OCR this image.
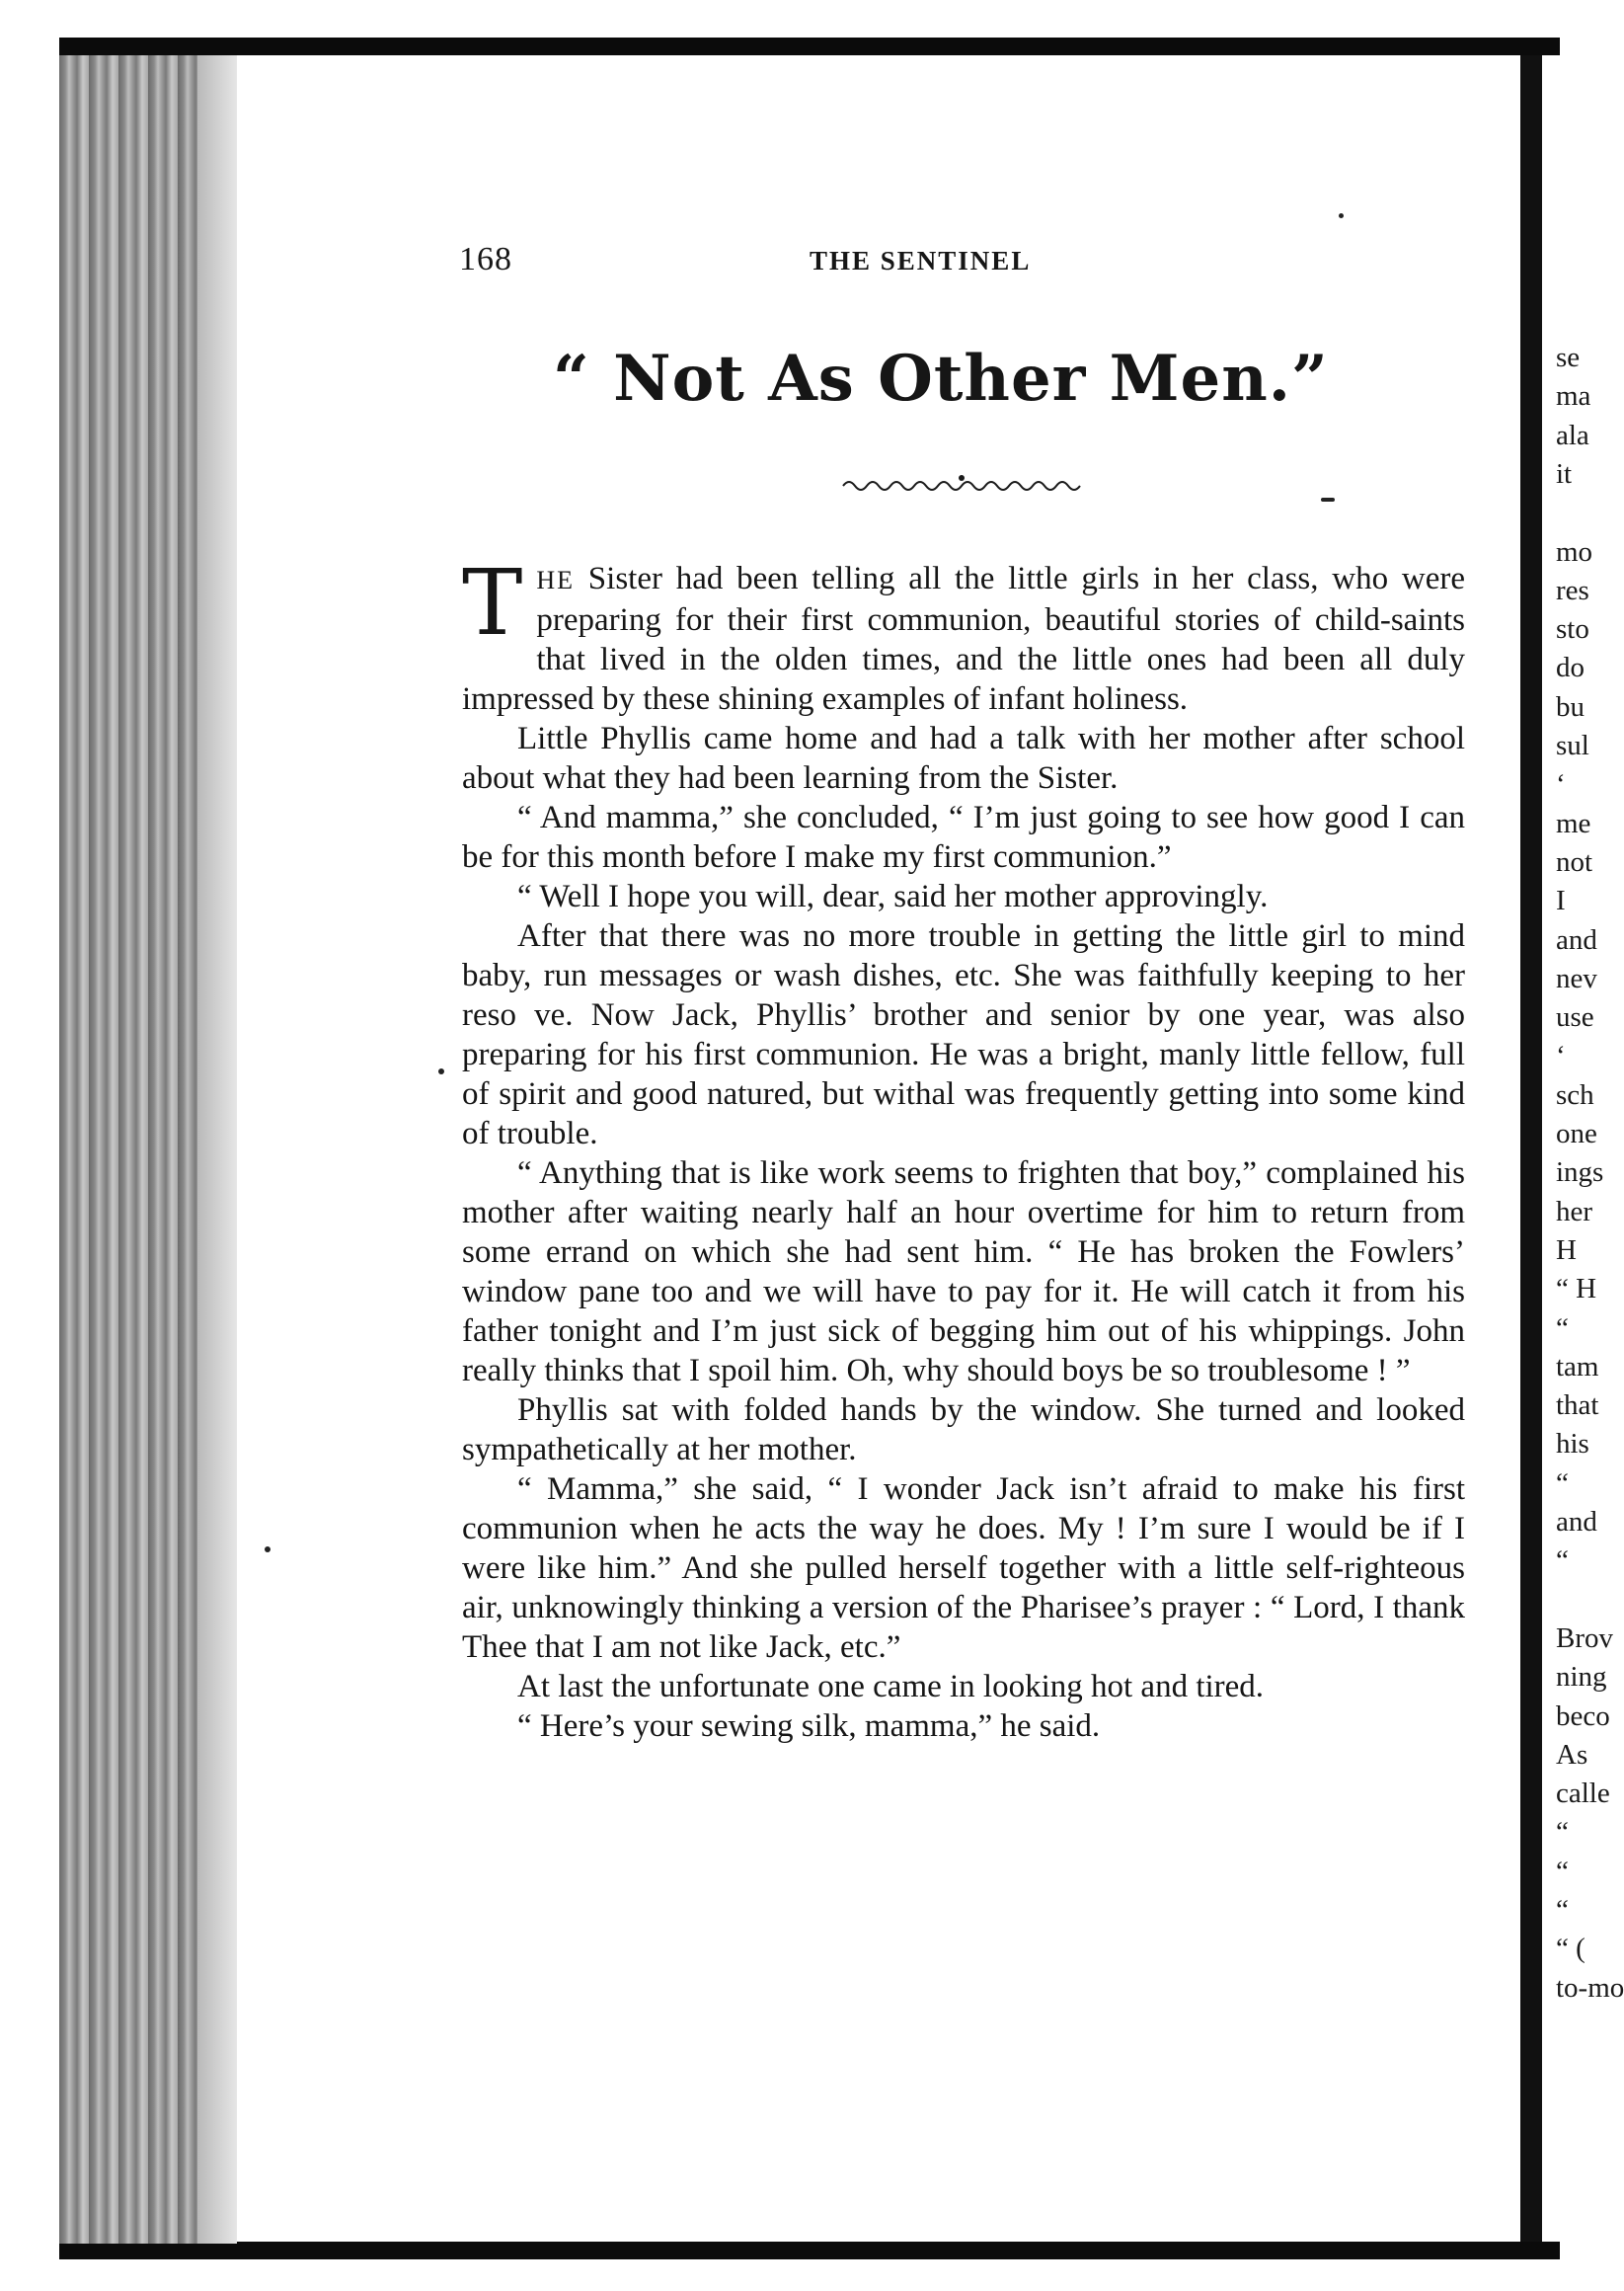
se
ma
ala
it
mo
res
sto
do
bu
sul
‘
me
not
I
and
nev
use
‘
sch
one
ings
her
H
“ H
“
tam
that
his
“
and
“
Brov
ning
beco
As
calle
“
“
“
“ (
to-mo
168	THE SENTINEL
“ Not As Other Men.”

THE Sister had been telling all the little girls in her class, who were preparing for their first communion, beautiful stories of child-saints that lived in the olden times, and the little ones had been all duly impressed by these shining examples of infant holiness.

Little Phyllis came home and had a talk with her mother after school about what they had been learning from the Sister.

“ And mamma,” she concluded, “ I’m just going to see how good I can be for this month before I make my first communion.”

“ Well I hope you will, dear, said her mother approvingly.

After that there was no more trouble in getting the little girl to mind baby, run messages or wash dishes, etc. She was faithfully keeping to her reso ve. Now Jack, Phyllis’ brother and senior by one year, was also preparing for his first communion. He was a bright, manly little fellow, full of spirit and good natured, but withal was frequently getting into some kind of trouble.

“ Anything that is like work seems to frighten that boy,” complained his mother after waiting nearly half an hour overtime for him to return from some errand on which she had sent him. “ He has broken the Fowlers’ window pane too and we will have to pay for it. He will catch it from his father tonight and I’m just sick of begging him out of his whippings. John really thinks that I spoil him. Oh, why should boys be so troublesome ! ”

Phyllis sat with folded hands by the window. She turned and looked sympathetically at her mother.

“ Mamma,” she said, “ I wonder Jack isn’t afraid to make his first communion when he acts the way he does. My ! I’m sure I would be if I were like him.” And she pulled herself together with a little self-righteous air, unknowingly thinking a version of the Pharisee’s prayer : “ Lord, I thank Thee that I am not like Jack, etc.”

At last the unfortunate one came in looking hot and tired.

“ Here’s your sewing silk, mamma,” he said.
